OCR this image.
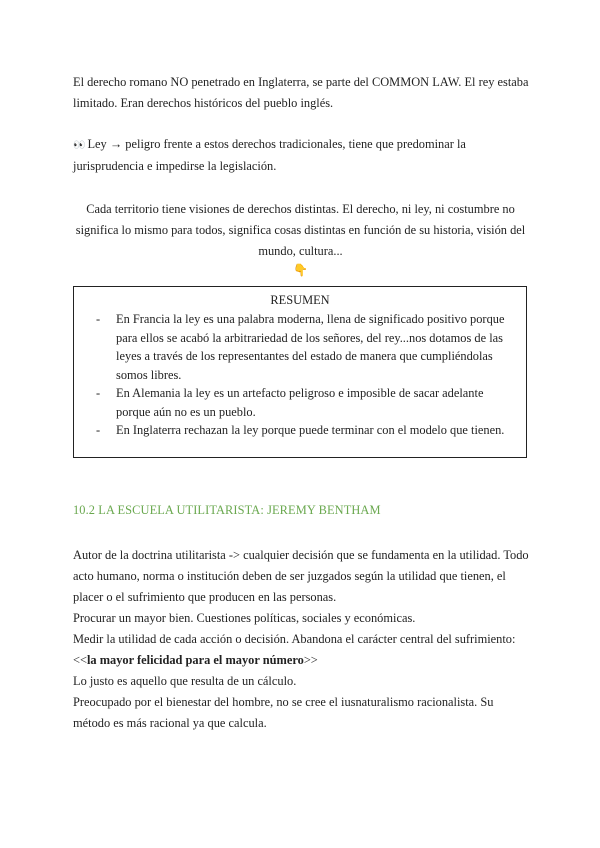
El derecho romano NO penetrado en Inglaterra, se parte del COMMON LAW. El rey estaba limitado. Eran derechos históricos del pueblo inglés.

👀 Ley → peligro frente a estos derechos tradicionales, tiene que predominar la jurisprudencia e impedirse la legislación.

Cada territorio tiene visiones de derechos distintas. El derecho, ni ley, ni costumbre no significa lo mismo para todos, significa cosas distintas en función de su historia, visión del mundo, cultura...

👇
RESUMEN
- En Francia la ley es una palabra moderna, llena de significado positivo porque para ellos se acabó la arbitrariedad de los señores, del rey...nos dotamos de las leyes a través de los representantes del estado de manera que cumpliéndolas somos libres.
- En Alemania la ley es un artefacto peligroso e imposible de sacar adelante porque aún no es un pueblo.
- En Inglaterra rechazan la ley porque puede terminar con el modelo que tienen.
10.2 LA ESCUELA UTILITARISTA: JEREMY BENTHAM
Autor de la doctrina utilitarista -> cualquier decisión que se fundamenta en la utilidad. Todo acto humano, norma o institución deben de ser juzgados según la utilidad que tienen, el placer o el sufrimiento que producen en las personas.
Procurar un mayor bien. Cuestiones políticas, sociales y económicas.
Medir la utilidad de cada acción o decisión. Abandona el carácter central del sufrimiento: <<la mayor felicidad para el mayor número>>
Lo justo es aquello que resulta de un cálculo.
Preocupado por el bienestar del hombre, no se cree el iusnaturalismo racionalista. Su método es más racional ya que calcula.
